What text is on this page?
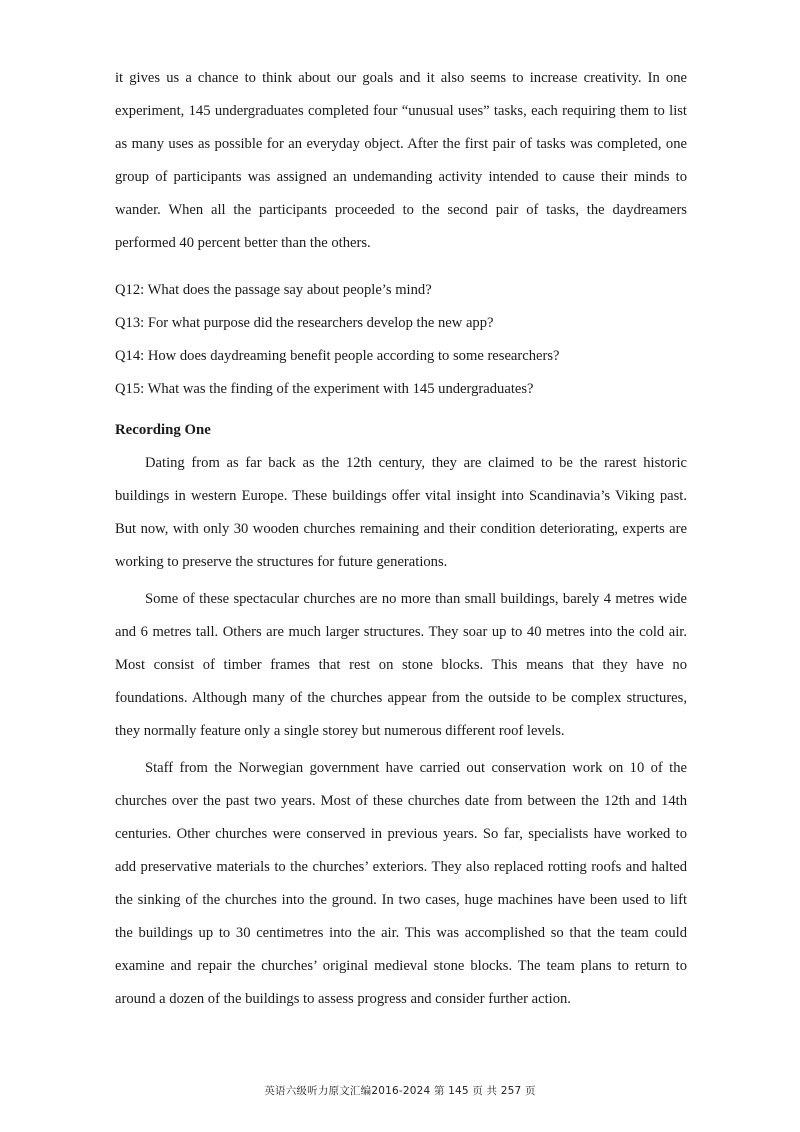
it gives us a chance to think about our goals and it also seems to increase creativity. In one experiment, 145 undergraduates completed four “unusual uses” tasks, each requiring them to list as many uses as possible for an everyday object. After the first pair of tasks was completed, one group of participants was assigned an undemanding activity intended to cause their minds to wander. When all the participants proceeded to the second pair of tasks, the daydreamers performed 40 percent better than the others.

Q12: What does the passage say about people’s mind?

Q13: For what purpose did the researchers develop the new app?

Q14: How does daydreaming benefit people according to some researchers?

Q15: What was the finding of the experiment with 145 undergraduates?

Recording One

Dating from as far back as the 12th century, they are claimed to be the rarest historic buildings in western Europe. These buildings offer vital insight into Scandinavia’s Viking past. But now, with only 30 wooden churches remaining and their condition deteriorating, experts are working to preserve the structures for future generations.

Some of these spectacular churches are no more than small buildings, barely 4 metres wide and 6 metres tall. Others are much larger structures. They soar up to 40 metres into the cold air. Most consist of timber frames that rest on stone blocks. This means that they have no foundations. Although many of the churches appear from the outside to be complex structures, they normally feature only a single storey but numerous different roof levels.

Staff from the Norwegian government have carried out conservation work on 10 of the churches over the past two years. Most of these churches date from between the 12th and 14th centuries. Other churches were conserved in previous years. So far, specialists have worked to add preservative materials to the churches’ exteriors. They also replaced rotting roofs and halted the sinking of the churches into the ground. In two cases, huge machines have been used to lift the buildings up to 30 centimetres into the air. This was accomplished so that the team could examine and repair the churches’ original medieval stone blocks. The team plans to return to around a dozen of the buildings to assess progress and consider further action.

英语六级听力原文汇编2016-2024 第 145 页 共 257 页
